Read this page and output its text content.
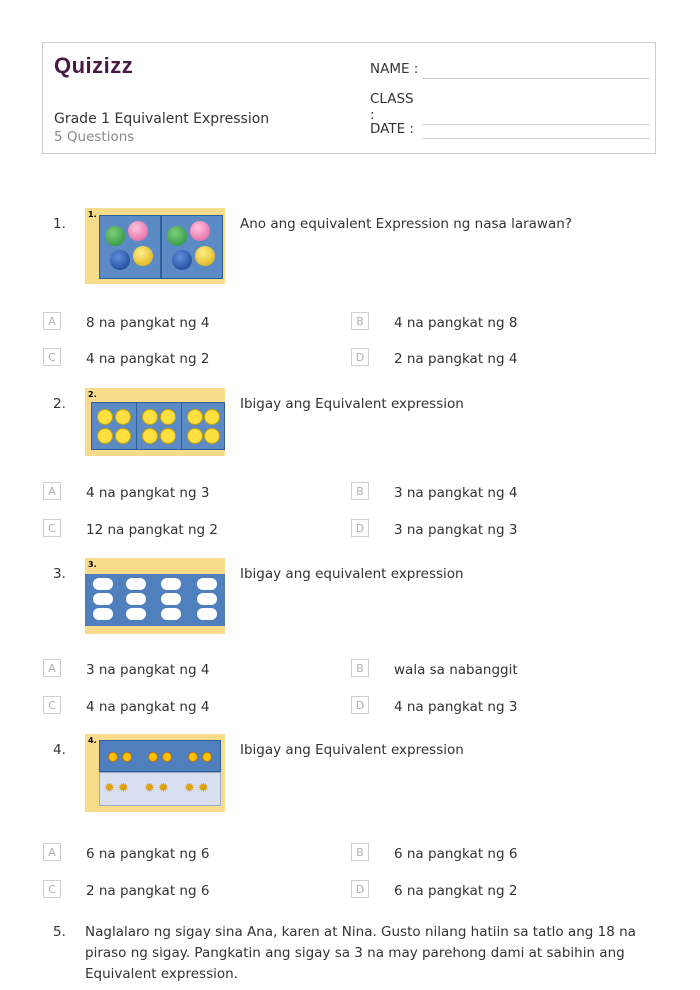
Quizizz
Grade 1 Equivalent Expression
5 Questions
NAME :
CLASS :
DATE :
1.
1.
Ano ang equivalent Expression ng nasa larawan?
A	8 na pangkat ng 4	B	4 na pangkat ng 8
C	4 na pangkat ng 2	D	2 na pangkat ng 4
2.
2.
Ibigay ang Equivalent expression
A	4 na pangkat ng 3	B	3 na pangkat ng 4
C	12 na pangkat ng 2	D	3 na pangkat ng 3
3.
3.
Ibigay ang equivalent expression
A	3 na pangkat ng 4	B	wala sa nabanggit
C	4 na pangkat ng 4	D	4 na pangkat ng 3
4.
4.
✹ ✹ ✹ ✹ ✹ ✹
Ibigay ang Equivalent expression
A	6 na pangkat ng 6	B	6 na pangkat ng 6
C	2 na pangkat ng 6	D	6 na pangkat ng 2
5. Naglalaro ng sigay sina Ana, karen at Nina. Gusto nilang hatiin sa tatlo ang 18 na piraso ng sigay. Pangkatin ang sigay sa 3 na may parehong dami at sabihin ang Equivalent expression.
